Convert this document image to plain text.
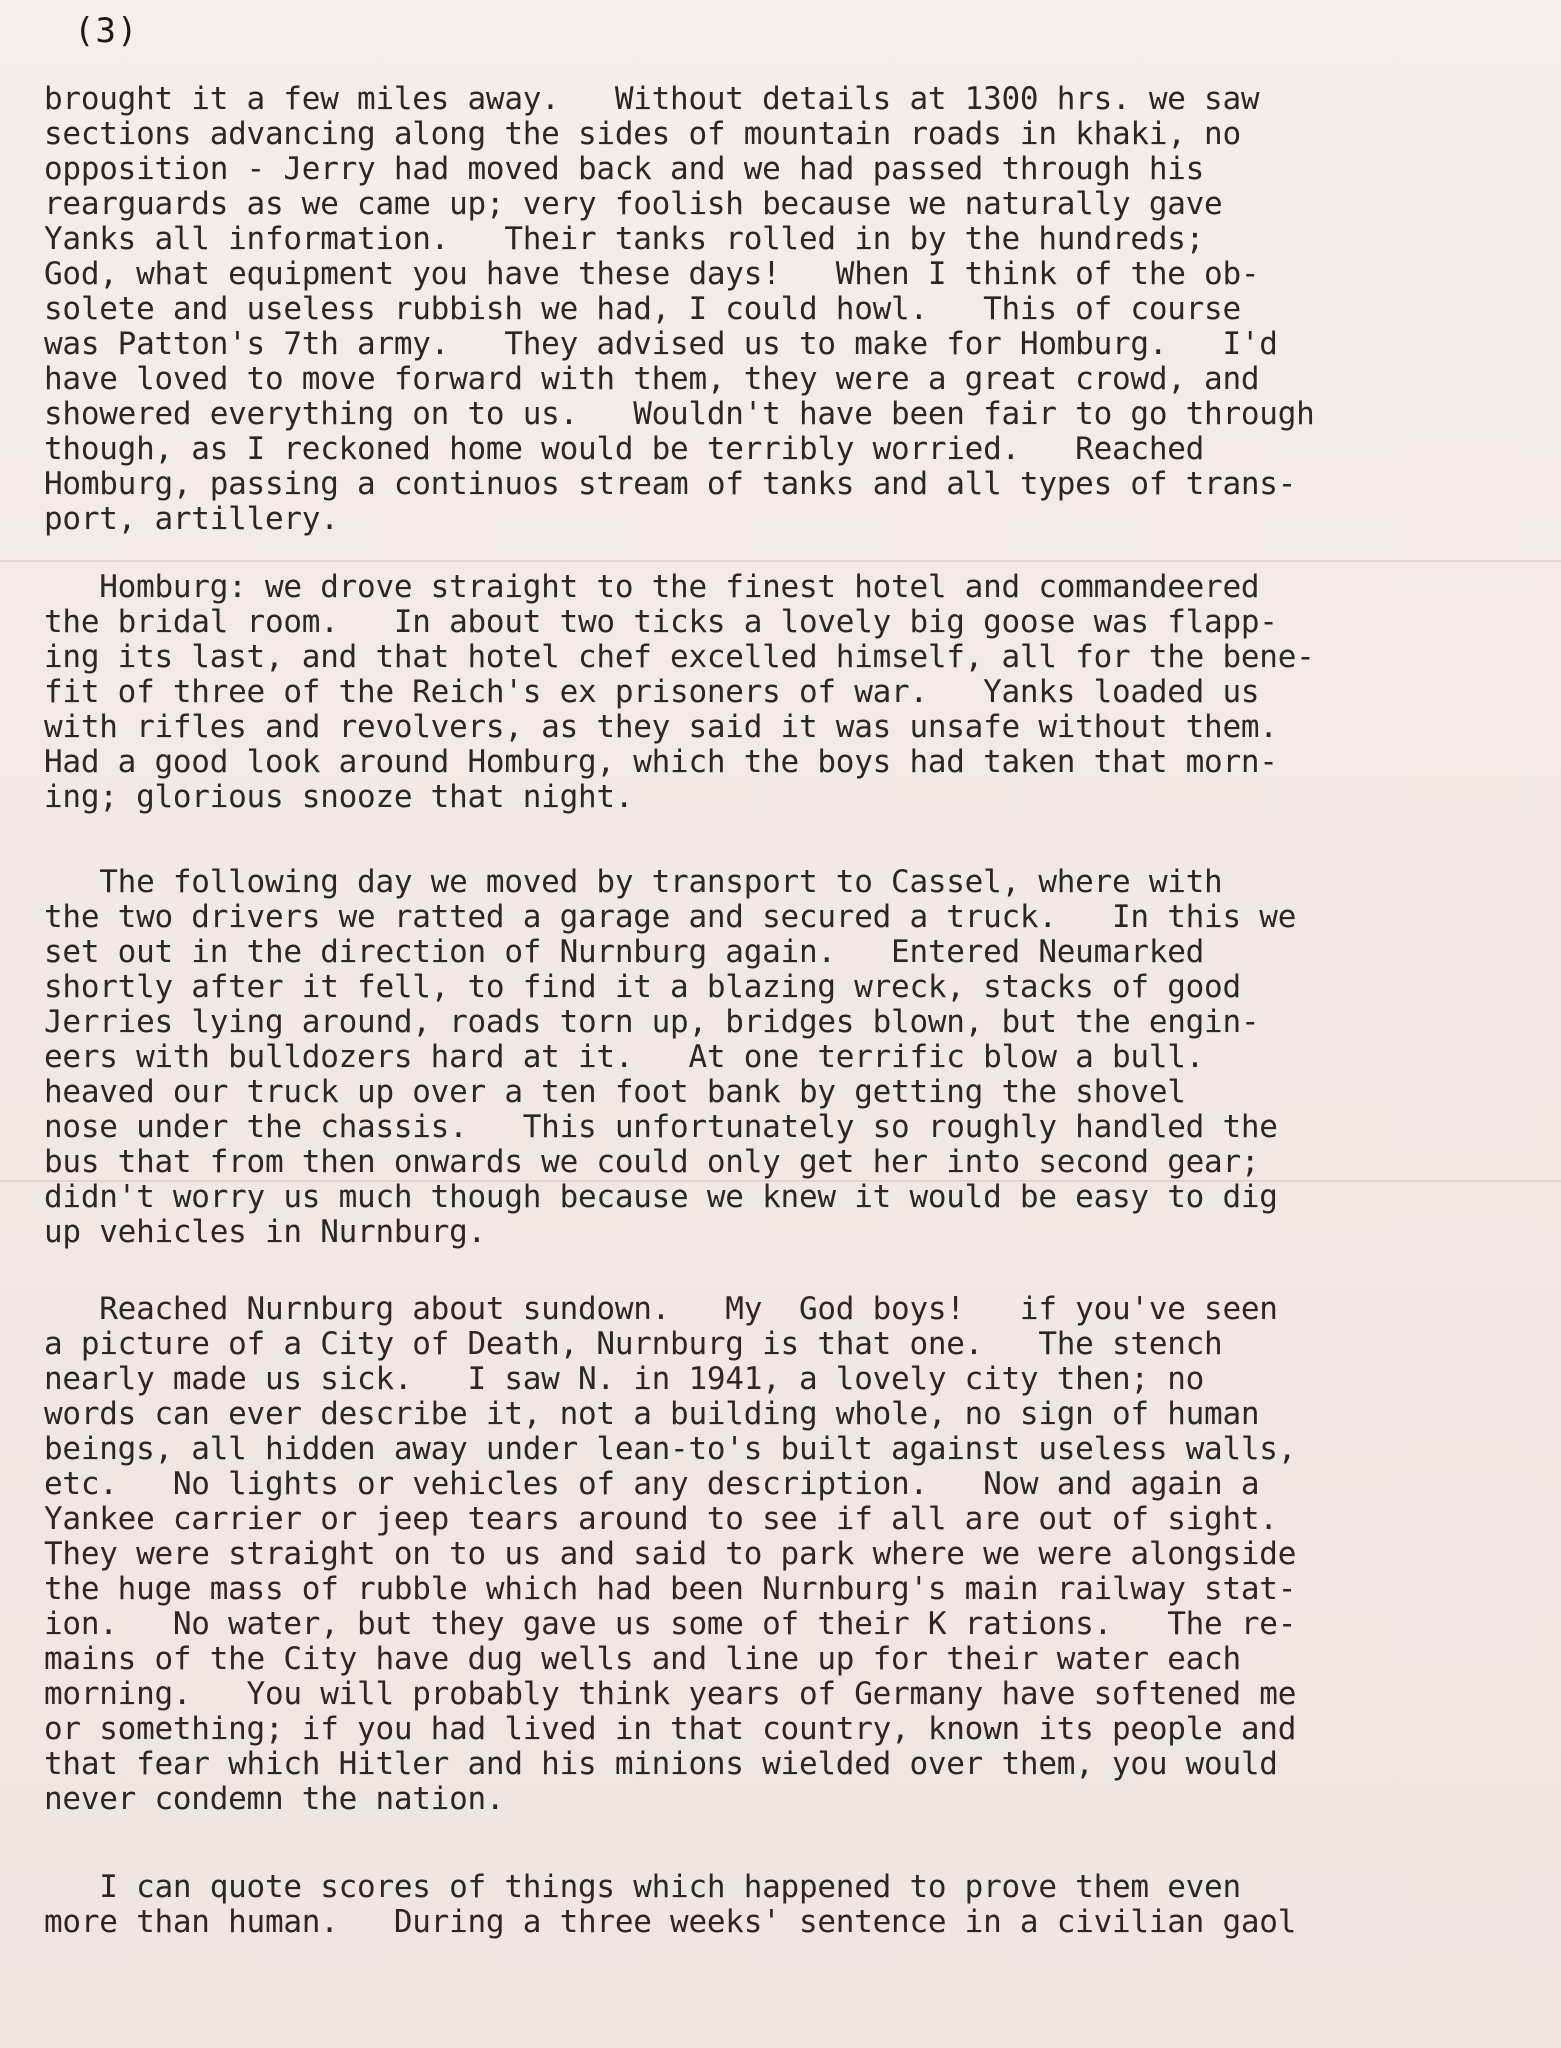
(3)
brought it a few miles away.   Without details at 1300 hrs. we saw
sections advancing along the sides of mountain roads in khaki, no
opposition - Jerry had moved back and we had passed through his
rearguards as we came up; very foolish because we naturally gave
Yanks all information.   Their tanks rolled in by the hundreds;
God, what equipment you have these days!   When I think of the ob-
solete and useless rubbish we had, I could howl.   This of course
was Patton's 7th army.   They advised us to make for Homburg.   I'd
have loved to move forward with them, they were a great crowd, and
showered everything on to us.   Wouldn't have been fair to go through
though, as I reckoned home would be terribly worried.   Reached
Homburg, passing a continuos stream of tanks and all types of trans-
port, artillery.
Homburg: we drove straight to the finest hotel and commandeered
the bridal room.   In about two ticks a lovely big goose was flapp-
ing its last, and that hotel chef excelled himself, all for the bene-
fit of three of the Reich's ex prisoners of war.   Yanks loaded us
with rifles and revolvers, as they said it was unsafe without them.
Had a good look around Homburg, which the boys had taken that morn-
ing; glorious snooze that night.
The following day we moved by transport to Cassel, where with
the two drivers we ratted a garage and secured a truck.   In this we
set out in the direction of Nurnburg again.   Entered Neumarked
shortly after it fell, to find it a blazing wreck, stacks of good
Jerries lying around, roads torn up, bridges blown, but the engin-
eers with bulldozers hard at it.   At one terrific blow a bull.
heaved our truck up over a ten foot bank by getting the shovel
nose under the chassis.   This unfortunately so roughly handled the
bus that from then onwards we could only get her into second gear;
didn't worry us much though because we knew it would be easy to dig
up vehicles in Nurnburg.
Reached Nurnburg about sundown.   My  God boys!   if you've seen
a picture of a City of Death, Nurnburg is that one.   The stench
nearly made us sick.   I saw N. in 1941, a lovely city then; no
words can ever describe it, not a building whole, no sign of human
beings, all hidden away under lean-to's built against useless walls,
etc.   No lights or vehicles of any description.   Now and again a
Yankee carrier or jeep tears around to see if all are out of sight.
They were straight on to us and said to park where we were alongside
the huge mass of rubble which had been Nurnburg's main railway stat-
ion.   No water, but they gave us some of their K rations.   The re-
mains of the City have dug wells and line up for their water each
morning.   You will probably think years of Germany have softened me
or something; if you had lived in that country, known its people and
that fear which Hitler and his minions wielded over them, you would
never condemn the nation.
I can quote scores of things which happened to prove them even
more than human.   During a three weeks' sentence in a civilian gaol
